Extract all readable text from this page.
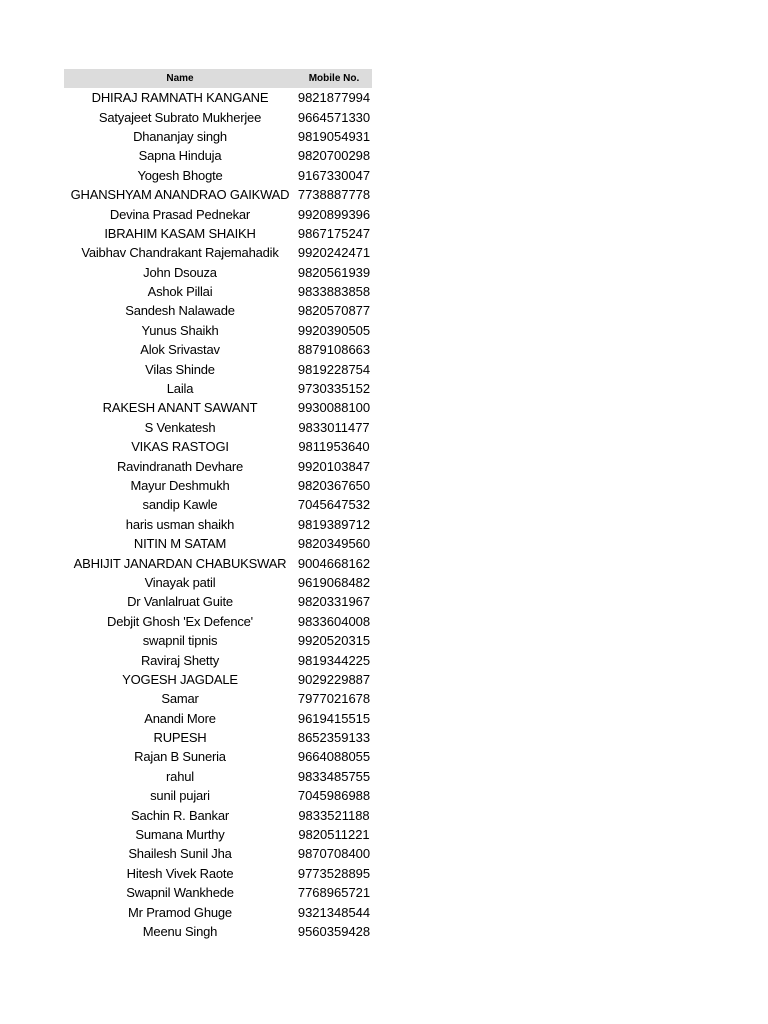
Name	Mobile No.
DHIRAJ RAMNATH KANGANE	9821877994
Satyajeet Subrato Mukherjee	9664571330
Dhananjay singh	9819054931
Sapna Hinduja	9820700298
Yogesh Bhogte	9167330047
GHANSHYAM ANANDRAO GAIKWAD 7738887778
Devina Prasad Pednekar	9920899396
IBRAHIM KASAM SHAIKH	9867175247
Vaibhav Chandrakant Rajemahadik	9920242471
John Dsouza	9820561939
Ashok Pillai	9833883858
Sandesh Nalawade	9820570877
Yunus Shaikh	9920390505
Alok Srivastav	8879108663
Vilas Shinde	9819228754
Laila	9730335152
RAKESH ANANT SAWANT	9930088100
S Venkatesh	9833011477
VIKAS RASTOGI	9811953640
Ravindranath Devhare	9920103847
Mayur Deshmukh	9820367650
sandip Kawle	7045647532
haris usman shaikh	9819389712
NITIN M SATAM	9820349560
ABHIJIT JANARDAN CHABUKSWAR 9004668162
Vinayak patil	9619068482
Dr Vanlalruat Guite	9820331967
Debjit Ghosh 'Ex Defence'	9833604008
swapnil tipnis	9920520315
Raviraj Shetty	9819344225
YOGESH JAGDALE	9029229887
Samar	7977021678
Anandi More	9619415515
RUPESH	8652359133
Rajan B Suneria	9664088055
rahul	9833485755
sunil pujari	7045986988
Sachin R. Bankar	9833521188
Sumana Murthy	9820511221
Shailesh Sunil Jha	9870708400
Hitesh Vivek Raote	9773528895
Swapnil Wankhede	7768965721
Mr Pramod Ghuge	9321348544
Meenu Singh	9560359428
